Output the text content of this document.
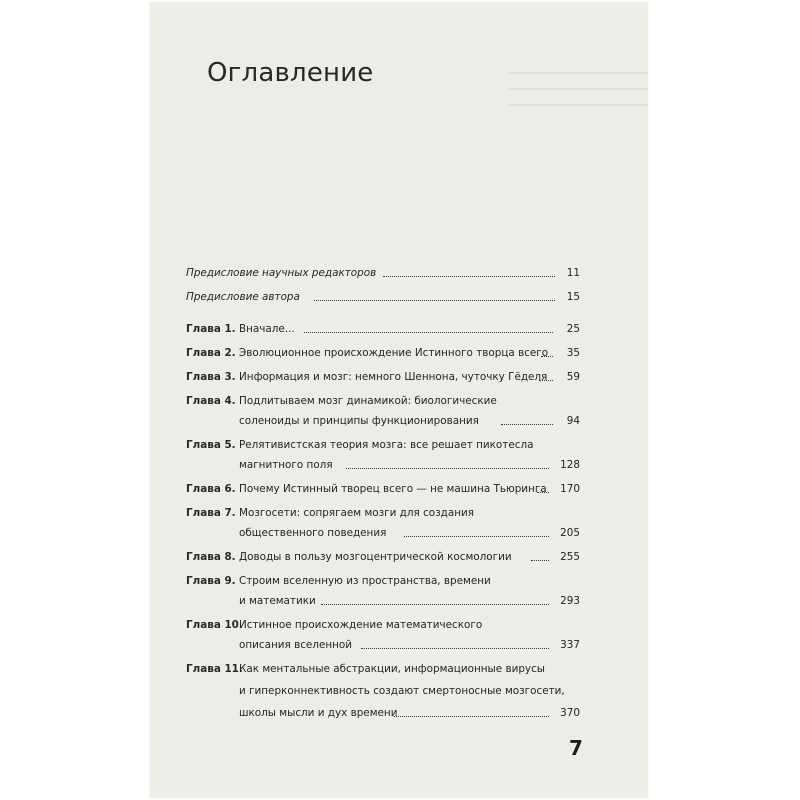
Оглавление
Предисловие научных редакторов	11
Предисловие автора	15
Глава 1. Вначале...	25
Глава 2. Эволюционное происхождение Истинного творца всего 35
Глава 3. Информация и мозг: немного Шеннона, чуточку Гёделя 59
Глава 4. Подлитываем мозг динамикой: биологические
соленоиды и принципы функционирования	94
Глава 5. Релятивистская теория мозга: все решает пикотесла
магнитного поля	128
Глава 6. Почему Истинный творец всего — не машина Тьюринга 170
Глава 7. Мозгосети: сопрягаем мозги для создания
общественного поведения	205
Глава 8. Доводы в пользу мозгоцентрической космологии	255
Глава 9. Строим вселенную из пространства, времени
и математики	293
Глава 10.
Истинное происхождение математического
описания вселенной	337
Глава 11.
Как ментальные абстракции, информационные вирусы
и гиперконнективность создают смертоносные мозгосети,
школы мысли и дух времени	370
7
